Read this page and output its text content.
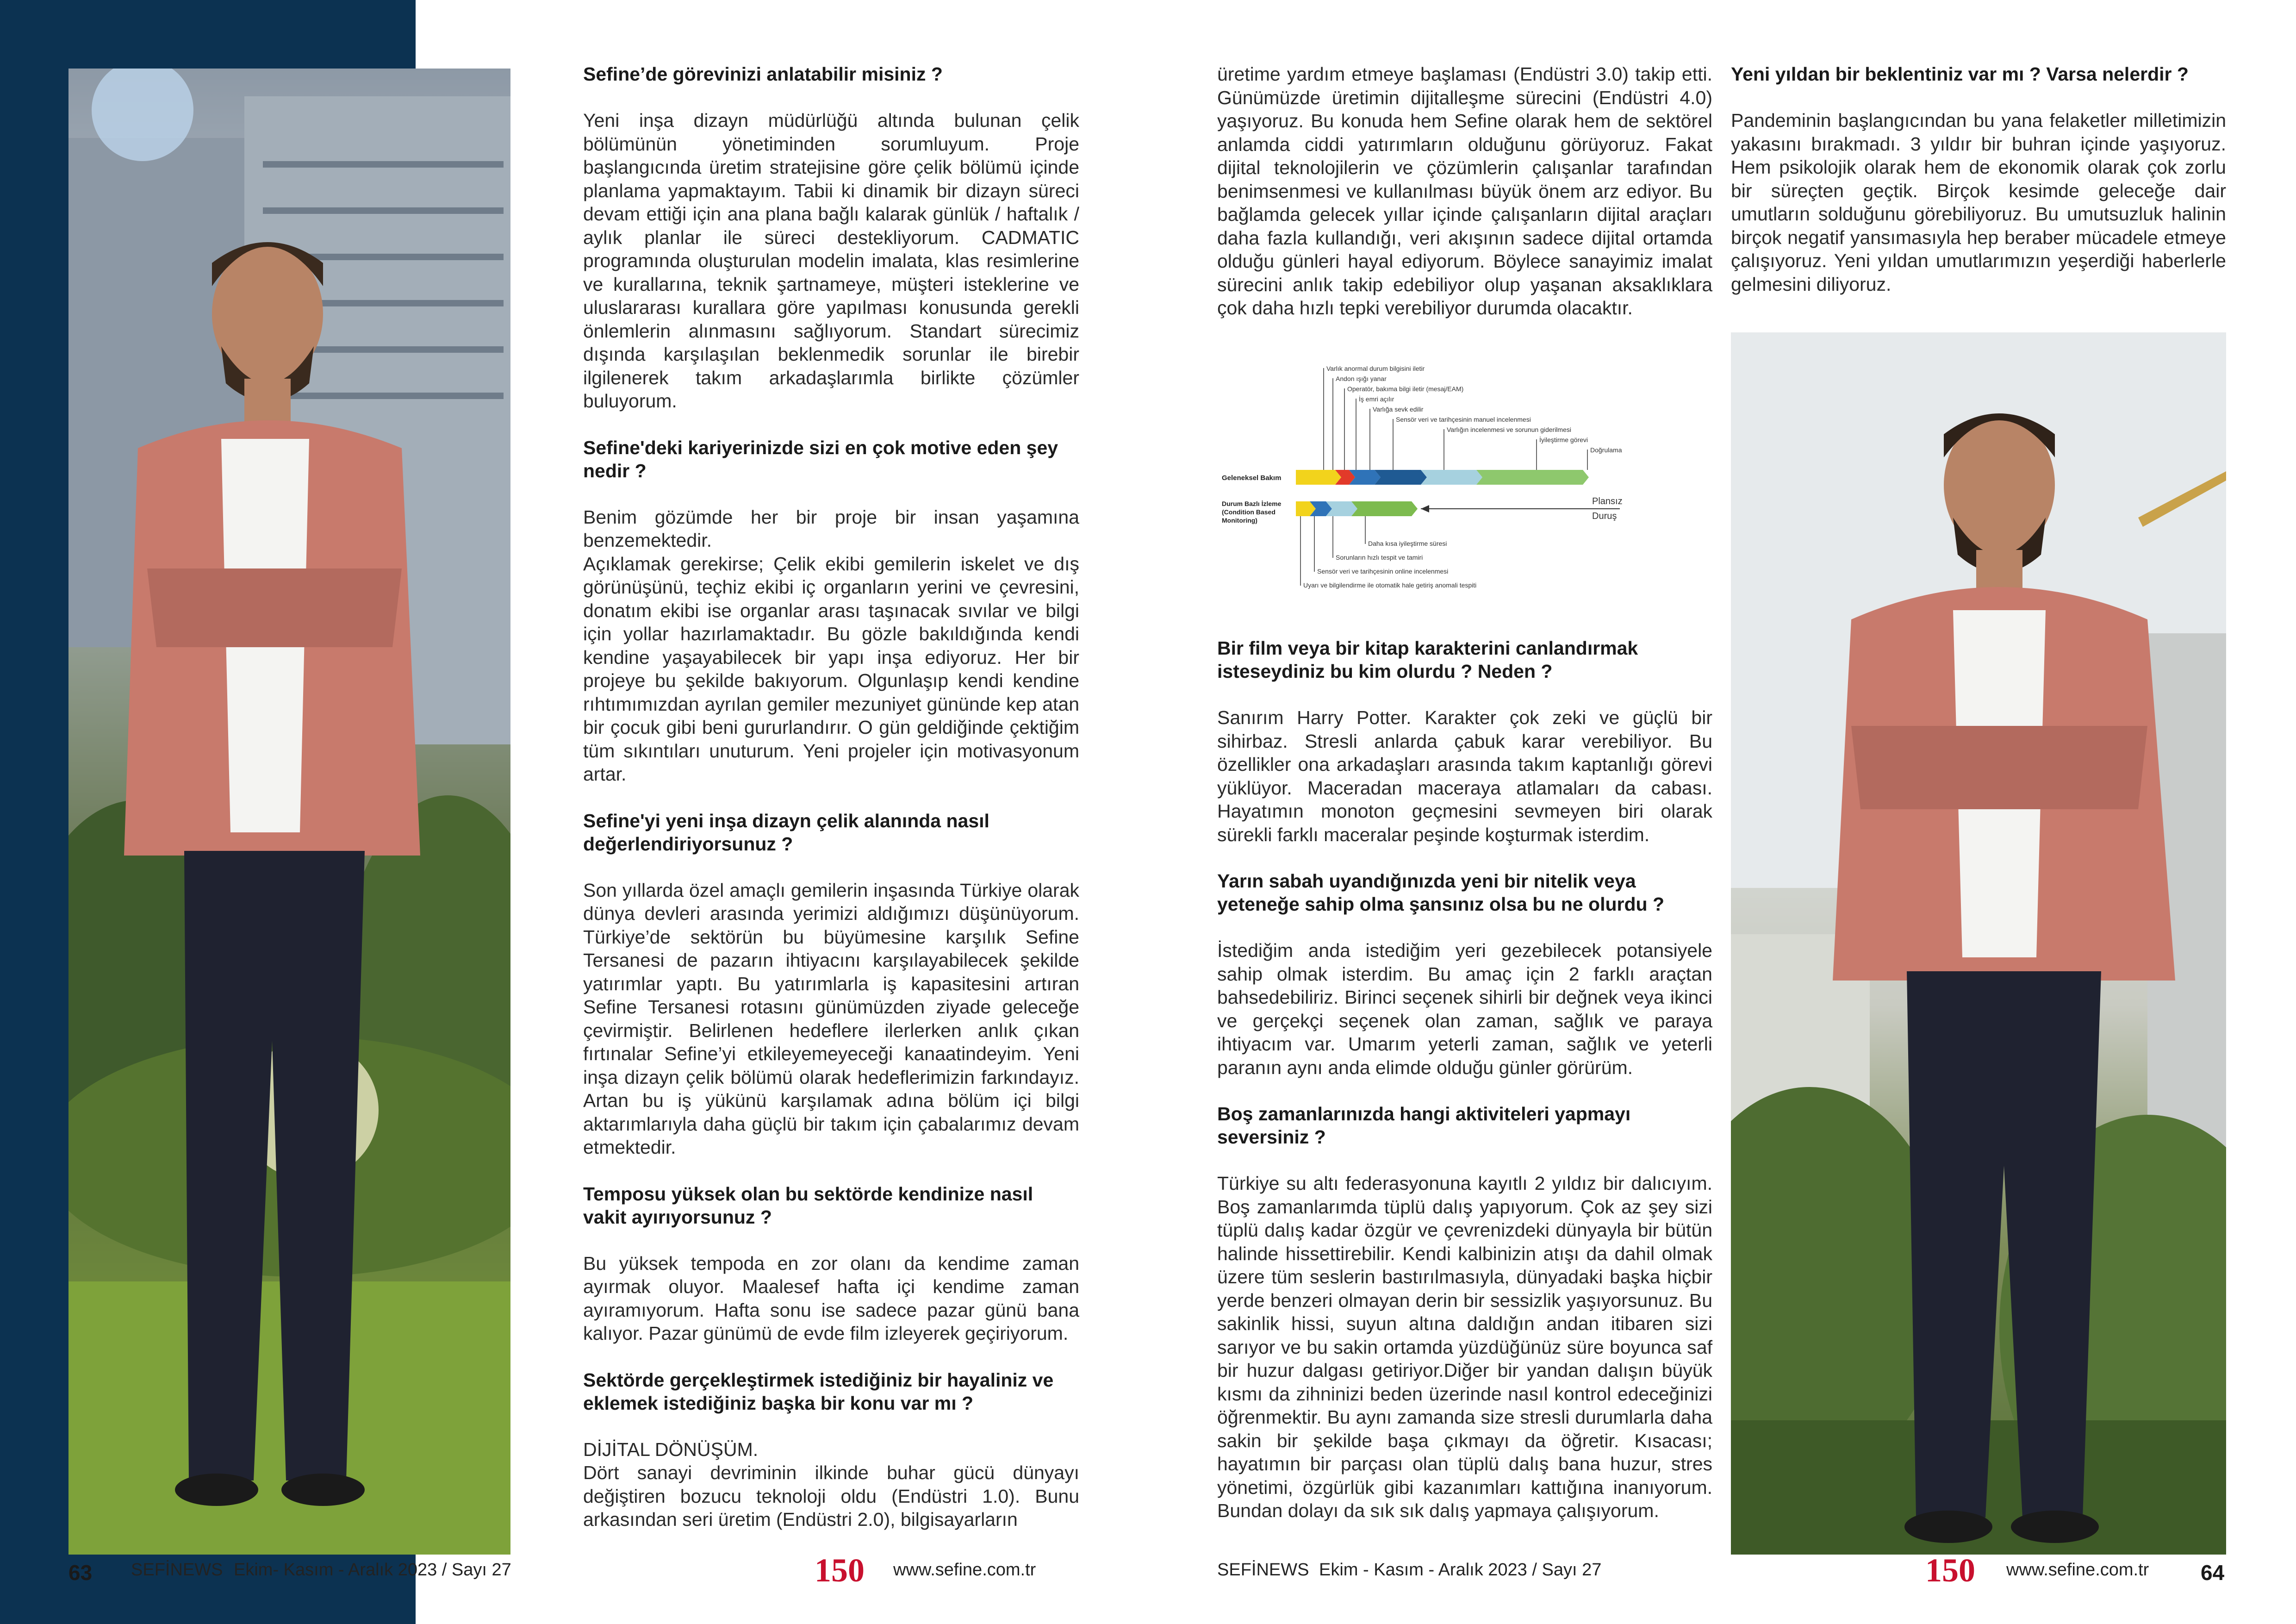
Sefine’de görevinizi anlatabilir misiniz ?

Yeni inşa dizayn müdürlüğü altında bulunan çelik bölümünün yönetiminden sorumluyum. Proje başlangıcında üretim stratejisine göre çelik bölümü içinde planlama yapmaktayım. Tabii ki dinamik bir dizayn süreci devam ettiği için ana plana bağlı kalarak günlük / haftalık / aylık planlar ile süreci destekliyorum. CADMATIC programında oluşturulan modelin imalata, klas resimlerine ve kurallarına, teknik şartnameye, müşteri isteklerine ve uluslararası kurallara göre yapılması konusunda gerekli önlemlerin alınmasını sağlıyorum. Standart sürecimiz dışında karşılaşılan beklenmedik sorunlar ile birebir ilgilenerek takım arkadaşlarımla birlikte çözümler buluyorum.

Sefine'deki kariyerinizde sizi en çok motive eden şey nedir ?

Benim gözümde her bir proje bir insan yaşamına benzemektedir.

Açıklamak gerekirse; Çelik ekibi gemilerin iskelet ve dış görünüşünü, teçhiz ekibi iç organların yerini ve çevresini, donatım ekibi ise organlar arası taşınacak sıvılar ve bilgi için yollar hazırlamaktadır. Bu gözle bakıldığında kendi kendine yaşayabilecek bir yapı inşa ediyoruz. Her bir projeye bu şekilde bakıyorum. Olgunlaşıp kendi kendine rıhtımımızdan ayrılan gemiler mezuniyet gününde kep atan bir çocuk gibi beni gururlandırır. O gün geldiğinde çektiğim tüm sıkıntıları unuturum. Yeni projeler için motivasyonum artar.

Sefine'yi yeni inşa dizayn çelik alanında nasıl değerlendiriyorsunuz ?

Son yıllarda özel amaçlı gemilerin inşasında Türkiye olarak dünya devleri arasında yerimizi aldığımızı düşünüyorum. Türkiye’de sektörün bu büyümesine karşılık Sefine Tersanesi de pazarın ihtiyacını karşılayabilecek şekilde yatırımlar yaptı. Bu yatırımlarla iş kapasitesini artıran Sefine Tersanesi rotasını günümüzden ziyade geleceğe çevirmiştir. Belirlenen hedeflere ilerlerken anlık çıkan fırtınalar Sefine’yi etkileyemeyeceği kanaatindeyim. Yeni inşa dizayn çelik bölümü olarak hedeflerimizin farkındayız. Artan bu iş yükünü karşılamak adına bölüm içi bilgi aktarımlarıyla daha güçlü bir takım için çabalarımız devam etmektedir.

Temposu yüksek olan bu sektörde kendinize nasıl vakit ayırıyorsunuz ?

Bu yüksek tempoda en zor olanı da kendime zaman ayırmak oluyor. Maalesef hafta içi kendime zaman ayıramıyorum. Hafta sonu ise sadece pazar günü bana kalıyor. Pazar günümü de evde film izleyerek geçiriyorum.

Sektörde gerçekleştirmek istediğiniz bir hayaliniz ve eklemek istediğiniz başka bir konu var mı ?

DİJİTAL DÖNÜŞÜM.

Dört sanayi devriminin ilkinde buhar gücü dünyayı değiştiren bozucu teknoloji oldu (Endüstri 1.0). Bunu arkasından seri üretim (Endüstri 2.0), bilgisayarların

üretime yardım etmeye başlaması (Endüstri 3.0) takip etti. Günümüzde üretimin dijitalleşme sürecini (Endüstri 4.0) yaşıyoruz. Bu konuda hem Sefine olarak hem de sektörel anlamda ciddi yatırımların olduğunu görüyoruz. Fakat dijital teknolojilerin ve çözümlerin çalışanlar tarafından benimsenmesi ve kullanılması büyük önem arz ediyor. Bu bağlamda gelecek yıllar içinde çalışanların dijital araçları daha fazla kullandığı, veri akışının sadece dijital ortamda olduğu günleri hayal ediyorum. Böylece sanayimiz imalat sürecini anlık takip edebiliyor olup yaşanan aksaklıklara çok daha hızlı tepki verebiliyor durumda olacaktır.

Bir film veya bir kitap karakterini canlandırmak isteseydiniz bu kim olurdu ? Neden ?

Sanırım Harry Potter. Karakter çok zeki ve güçlü bir sihirbaz. Stresli anlarda çabuk karar verebiliyor. Bu özellikler ona arkadaşları arasında takım kaptanlığı görevi yüklüyor. Maceradan maceraya atlamaları da cabası. Hayatımın monoton geçmesini sevmeyen biri olarak sürekli farklı maceralar peşinde koşturmak isterdim.

Yarın sabah uyandığınızda yeni bir nitelik veya yeteneğe sahip olma şansınız olsa bu ne olurdu ?

İstediğim anda istediğim yeri gezebilecek potansiyele sahip olmak isterdim. Bu amaç için 2 farklı araçtan bahsedebiliriz. Birinci seçenek sihirli bir değnek veya ikinci ve gerçekçi seçenek olan zaman, sağlık ve paraya ihtiyacım var. Umarım yeterli zaman, sağlık ve yeterli paranın aynı anda elimde olduğu günler görürüm.

Boş zamanlarınızda hangi aktiviteleri yapmayı seversiniz ?

Türkiye su altı federasyonuna kayıtlı 2 yıldız bir dalıcıyım. Boş zamanlarımda tüplü dalış yapıyorum. Çok az şey sizi tüplü dalış kadar özgür ve çevrenizdeki dünyayla bir bütün halinde hissettirebilir. Kendi kalbinizin atışı da dahil olmak üzere tüm seslerin bastırılmasıyla, dünyadaki başka hiçbir yerde benzeri olmayan derin bir sessizlik yaşıyorsunuz. Bu sakinlik hissi, suyun altına daldığın andan itibaren sizi sarıyor ve bu sakin ortamda yüzdüğünüz süre boyunca saf bir huzur dalgası getiriyor.Diğer bir yandan dalışın büyük kısmı da zihninizi beden üzerinde nasıl kontrol edeceğinizi öğrenmektir. Bu aynı zamanda size stresli durumlarla daha sakin bir şekilde başa çıkmayı da öğretir. Kısacası; hayatımın bir parçası olan tüplü dalış bana huzur, stres yönetimi, özgürlük gibi kazanımları kattığına inanıyorum. Bundan dolayı da sık sık dalış yapmaya çalışıyorum.

Varlık anormal durum bilgisini iletir
Andon ışığı yanar
Operatör, bakıma bilgi iletir (mesaj/EAM)
İş emri açılır
Varlığa sevk edilir
Sensör veri ve tarihçesinin manuel incelenmesi
Varlığın incelenmesi ve sorunun giderilmesi
İyileştirme görevi
Doğrulama
Geleneksel Bakım
Durum Bazlı İzleme
(Condition Based
Monitoring)
Plansız
Duruş
Daha kısa iyileştirme süresi
Sorunların hızlı tespit ve tamiri
Sensör veri ve tarihçesinin online incelenmesi
Uyarı ve bilgilendirme ile otomatik hale getiriş anomali tespiti
Yeni yıldan bir beklentiniz var mı ? Varsa nelerdir ?

Pandeminin başlangıcından bu yana felaketler milletimizin yakasını bırakmadı. 3 yıldır bir buhran içinde yaşıyoruz. Hem psikolojik olarak hem de ekonomik olarak çok zorlu bir süreçten geçtik. Birçok kesimde geleceğe dair umutların solduğunu görebiliyoruz. Bu umutsuzluk halinin birçok negatif yansımasıyla hep beraber mücadele etmeye çalışıyoruz. Yeni yıldan umutlarımızın yeşerdiği haberlerle gelmesini diliyoruz.

63 SEFİNEWS Ekim- Kasım - Aralık 2023 / Sayı 27	150 www.sefine.com.tr	SEFİNEWS Ekim - Kasım - Aralık 2023 / Sayı 27	150 www.sefine.com.tr 64
